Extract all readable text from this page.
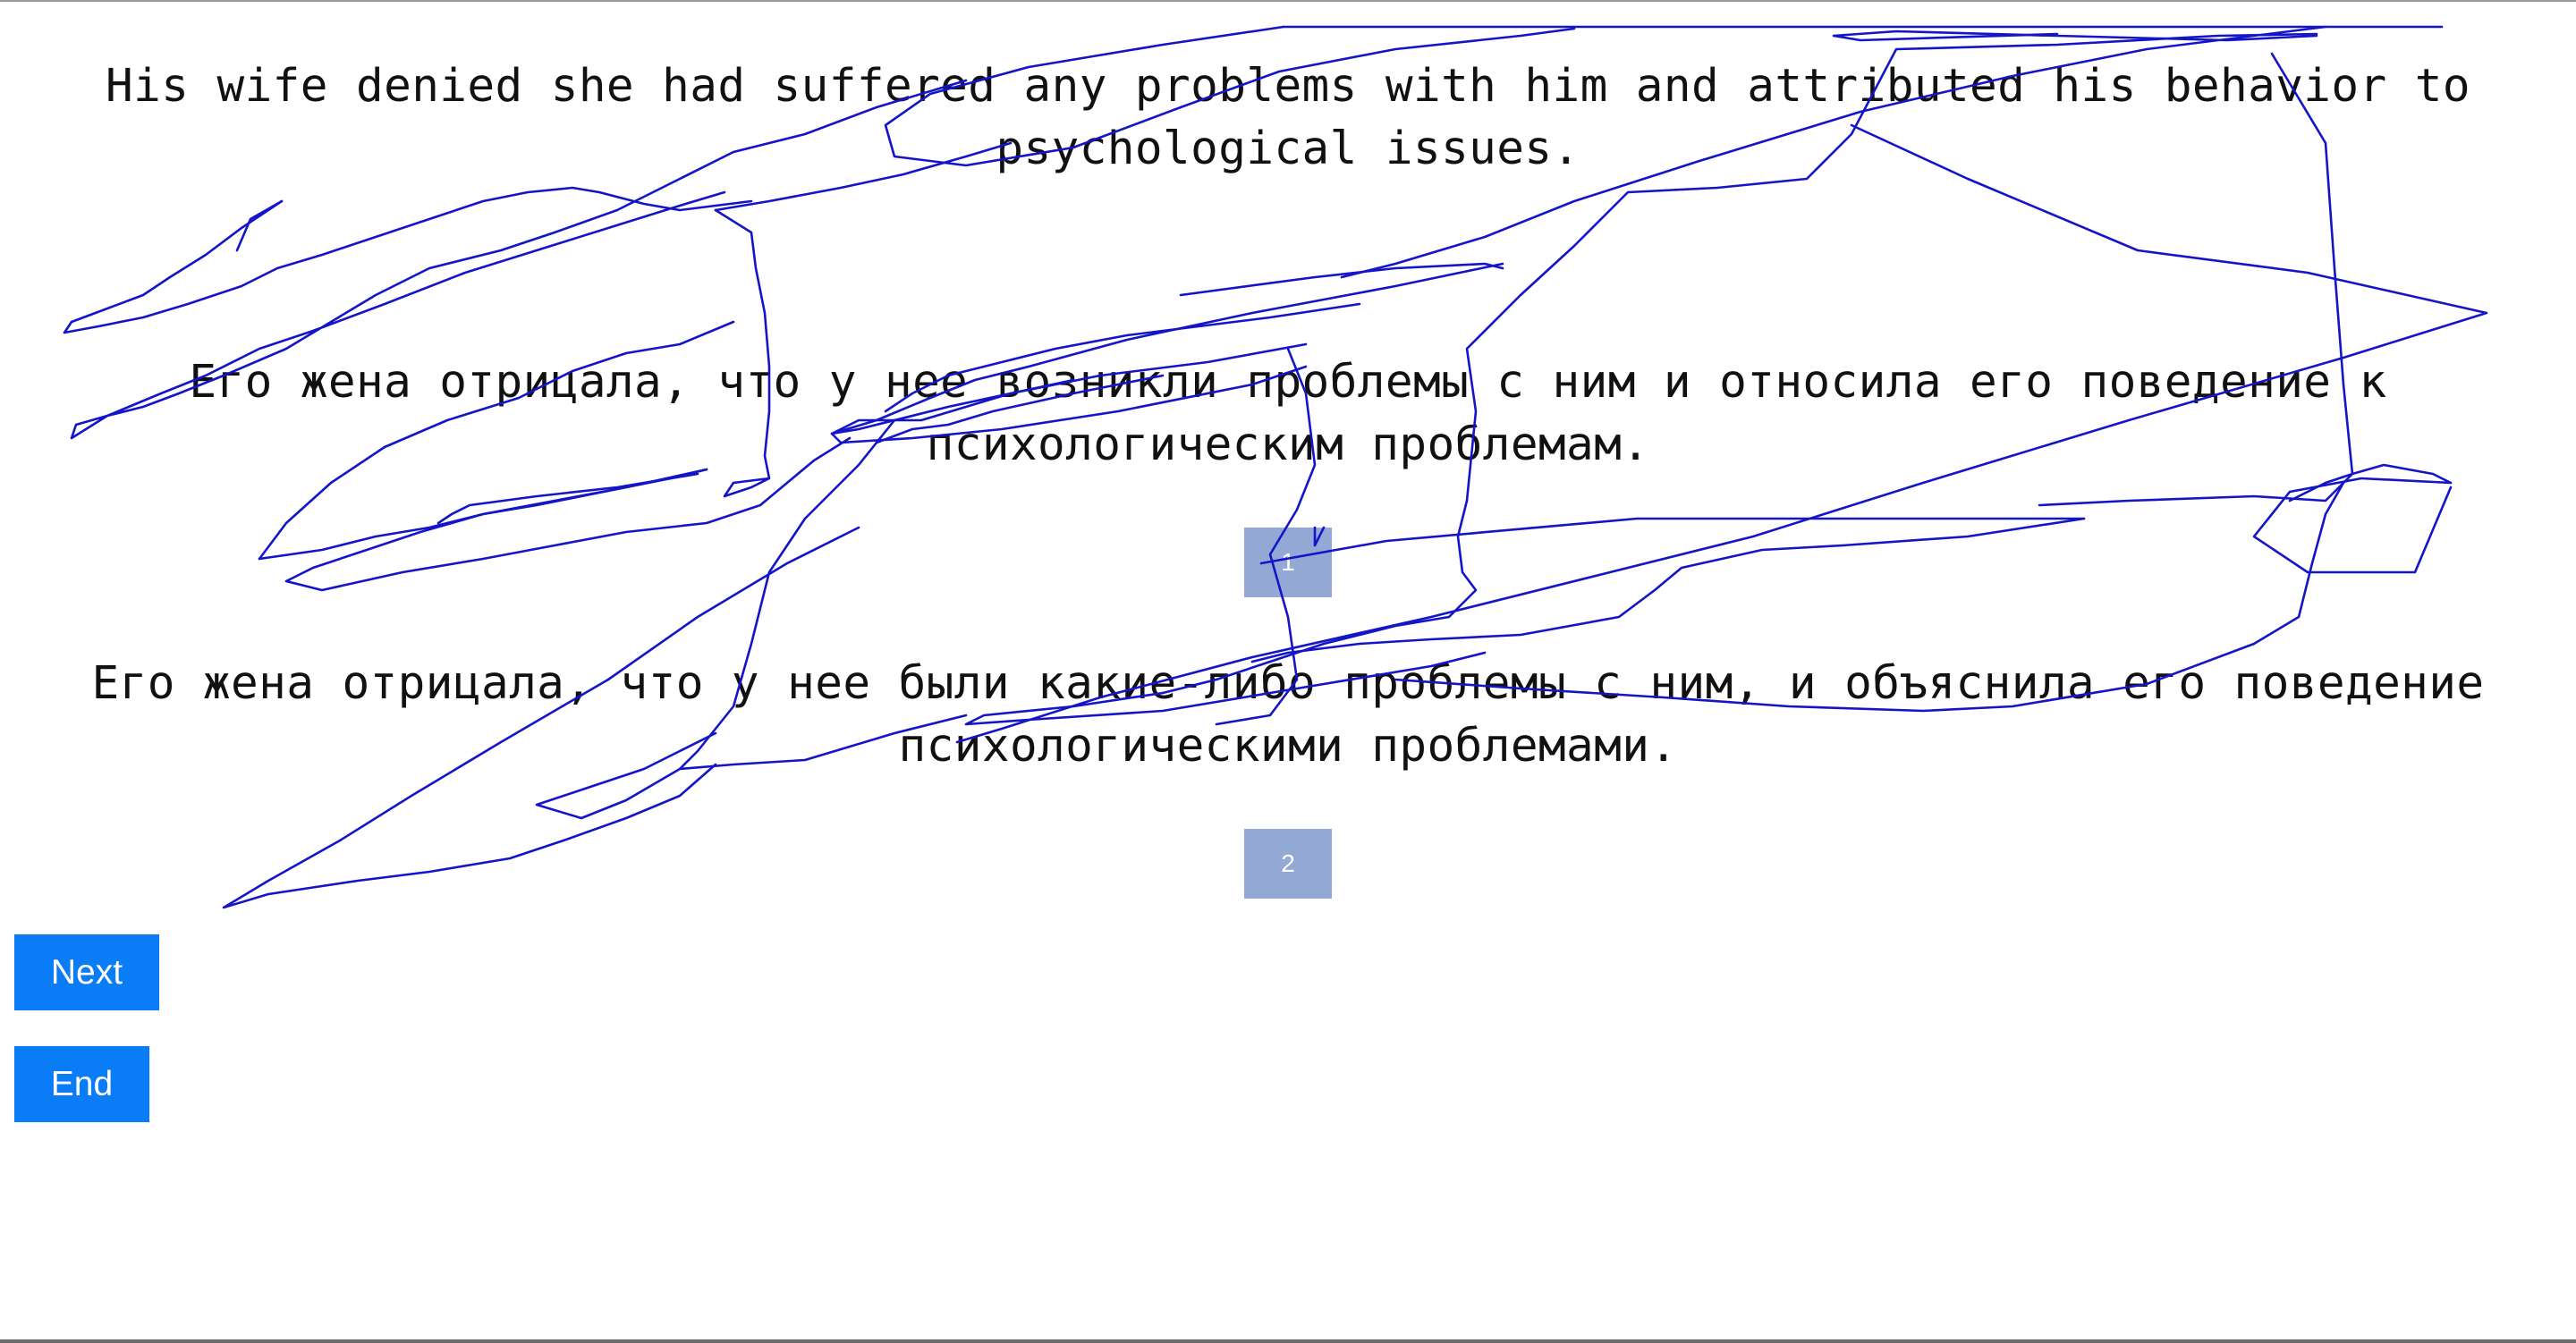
His wife denied she had suffered any problems with him and attributed his behavior to psychological issues.
Его жена отрицала, что у нее возникли проблемы с ним и относила его поведение к психологическим проблемам.
1
Его жена отрицала, что у нее были какие-либо проблемы с ним, и объяснила его поведение психологическими проблемами.
2
Next
End
